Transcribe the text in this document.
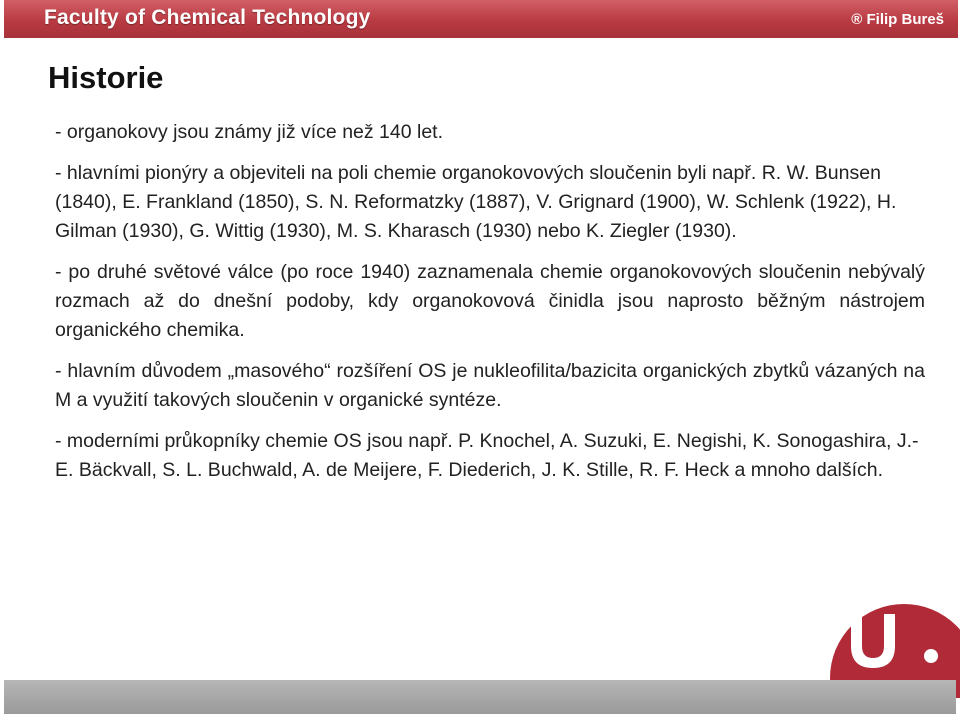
Faculty of Chemical Technology	® Filip Bureš
Historie

- organokovy jsou známy již více než 140 let.

- hlavními pionýry a objeviteli na poli chemie organokovových sloučenin byli např. R. W. Bunsen (1840), E. Frankland (1850), S. N. Reformatzky (1887), V. Grignard (1900), W. Schlenk (1922), H. Gilman (1930), G. Wittig (1930), M. S. Kharasch (1930) nebo K. Ziegler (1930).

- po druhé světové válce (po roce 1940) zaznamenala chemie organokovových sloučenin nebývalý rozmach až do dnešní podoby, kdy organokovová činidla jsou naprosto běžným nástrojem organického chemika.

- hlavním důvodem „masového“ rozšíření OS je nukleofilita/bazicita organických zbytků vázaných na M a využití takových sloučenin v organické syntéze.

- moderními průkopníky chemie OS jsou např. P. Knochel, A. Suzuki, E. Negishi, K. Sonogashira, J.-E. Bäckvall, S. L. Buchwald, A. de Meijere, F. Diederich, J. K. Stille, R. F. Heck a mnoho dalších.
